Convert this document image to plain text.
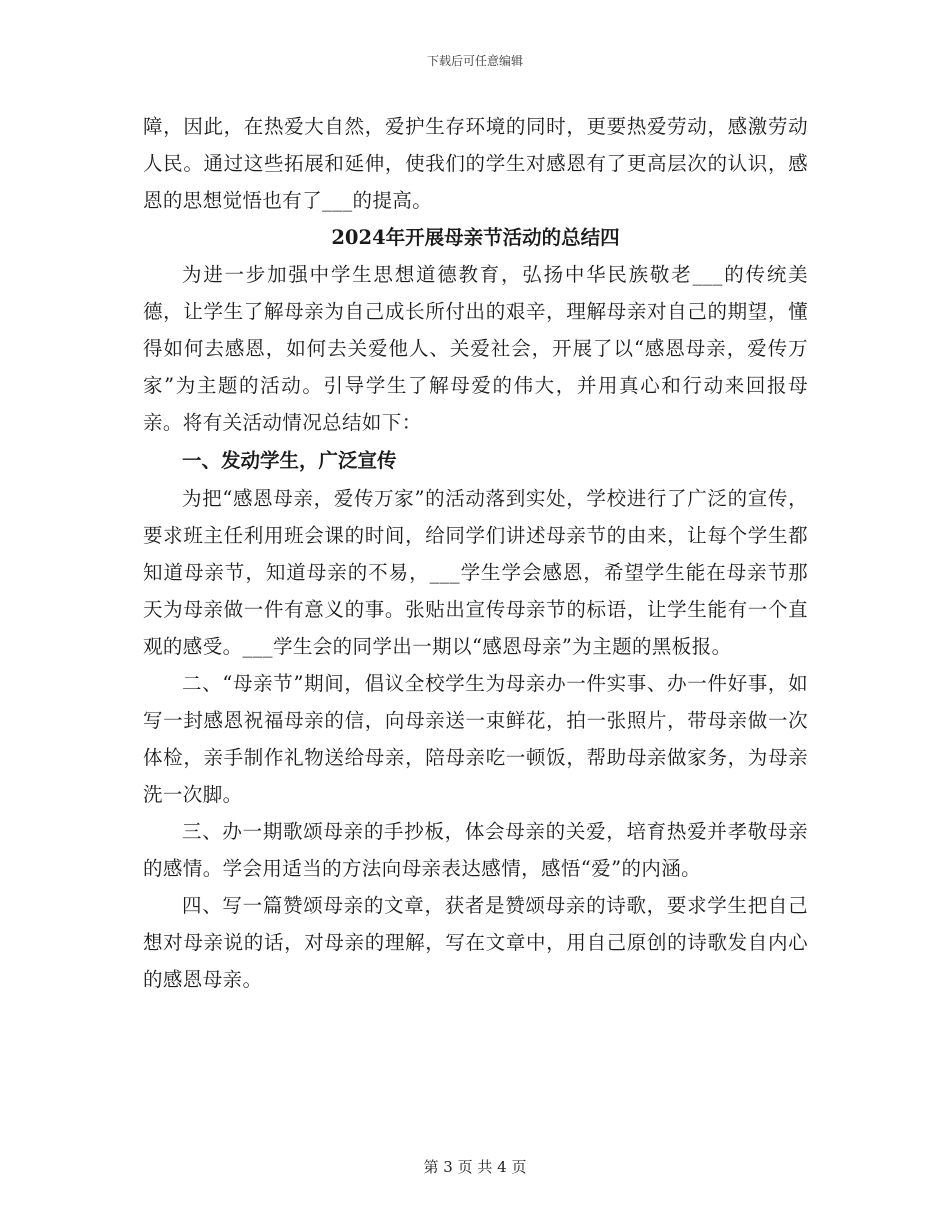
下载后可任意编辑

障，因此，在热爱大自然，爱护生存环境的同时，更要热爱劳动，感激劳动人民。通过这些拓展和延伸，使我们的学生对感恩有了更高层次的认识，感恩的思想觉悟也有了___的提高。

2024年开展母亲节活动的总结四

为进一步加强中学生思想道德教育，弘扬中华民族敬老___的传统美德，让学生了解母亲为自己成长所付出的艰辛，理解母亲对自己的期望，懂得如何去感恩，如何去关爱他人、关爱社会，开展了以“感恩母亲，爱传万家”为主题的活动。引导学生了解母爱的伟大，并用真心和行动来回报母亲。将有关活动情况总结如下：

一、发动学生，广泛宣传

为把“感恩母亲，爱传万家”的活动落到实处，学校进行了广泛的宣传，要求班主任利用班会课的时间，给同学们讲述母亲节的由来，让每个学生都知道母亲节，知道母亲的不易，___学生学会感恩，希望学生能在母亲节那天为母亲做一件有意义的事。张贴出宣传母亲节的标语，让学生能有一个直观的感受。___学生会的同学出一期以“感恩母亲”为主题的黑板报。

二、“母亲节”期间，倡议全校学生为母亲办一件实事、办一件好事，如写一封感恩祝福母亲的信，向母亲送一束鲜花，拍一张照片，带母亲做一次体检，亲手制作礼物送给母亲，陪母亲吃一顿饭，帮助母亲做家务，为母亲洗一次脚。

三、办一期歌颂母亲的手抄板，体会母亲的关爱，培育热爱并孝敬母亲的感情。学会用适当的方法向母亲表达感情，感悟“爱”的内涵。

四、写一篇赞颂母亲的文章，获者是赞颂母亲的诗歌，要求学生把自己想对母亲说的话，对母亲的理解，写在文章中，用自己原创的诗歌发自内心的感恩母亲。

第 3 页 共 4 页
